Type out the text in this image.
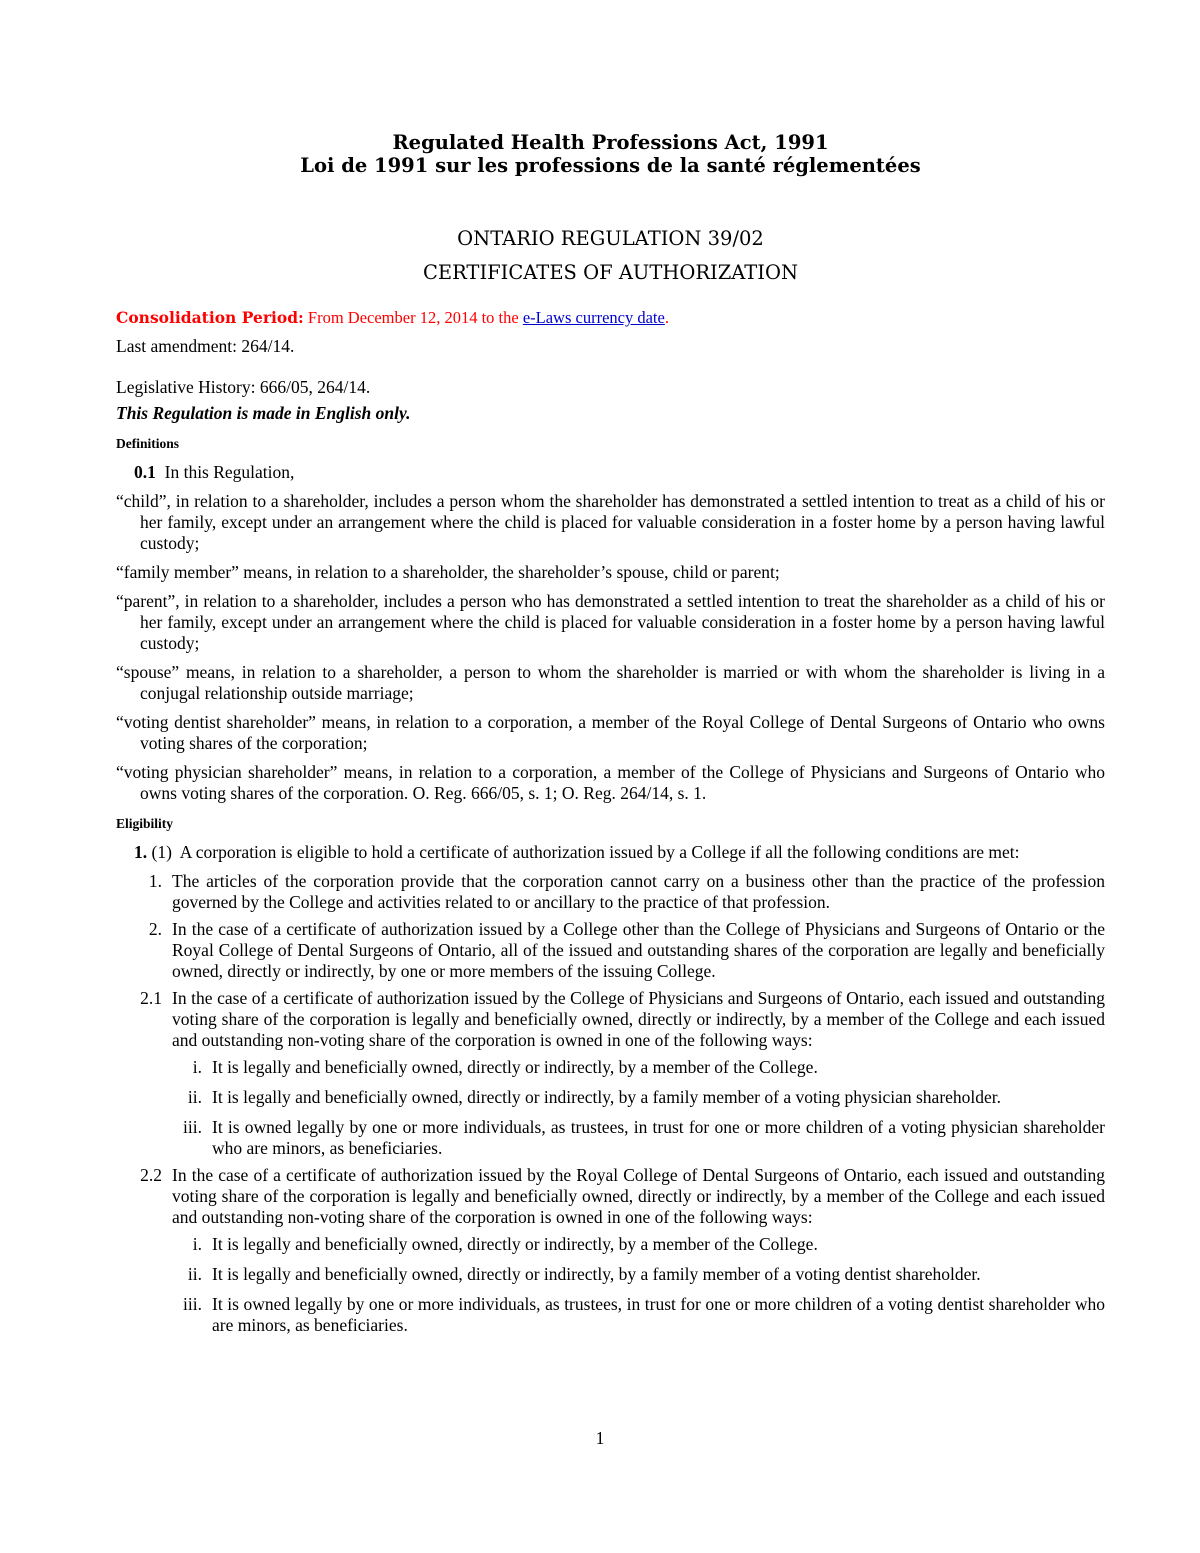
Regulated Health Professions Act, 1991
Loi de 1991 sur les professions de la santé réglementées
ONTARIO REGULATION 39/02
CERTIFICATES OF AUTHORIZATION

Consolidation Period: From December 12, 2014 to the e-Laws currency date.

Last amendment: 264/14.

Legislative History: 666/05, 264/14.

This Regulation is made in English only.

Definitions

0.1 In this Regulation,

“child”, in relation to a shareholder, includes a person whom the shareholder has demonstrated a settled intention to treat as a child of his or her family, except under an arrangement where the child is placed for valuable consideration in a foster home by a person having lawful custody;

“family member” means, in relation to a shareholder, the shareholder’s spouse, child or parent;

“parent”, in relation to a shareholder, includes a person who has demonstrated a settled intention to treat the shareholder as a child of his or her family, except under an arrangement where the child is placed for valuable consideration in a foster home by a person having lawful custody;

“spouse” means, in relation to a shareholder, a person to whom the shareholder is married or with whom the shareholder is living in a conjugal relationship outside marriage;

“voting dentist shareholder” means, in relation to a corporation, a member of the Royal College of Dental Surgeons of Ontario who owns voting shares of the corporation;

“voting physician shareholder” means, in relation to a corporation, a member of the College of Physicians and Surgeons of Ontario who owns voting shares of the corporation. O. Reg. 666/05, s. 1; O. Reg. 264/14, s. 1.

Eligibility

1. (1) A corporation is eligible to hold a certificate of authorization issued by a College if all the following conditions are met:

1. The articles of the corporation provide that the corporation cannot carry on a business other than the practice of the profession governed by the College and activities related to or ancillary to the practice of that profession.

2. In the case of a certificate of authorization issued by a College other than the College of Physicians and Surgeons of Ontario or the Royal College of Dental Surgeons of Ontario, all of the issued and outstanding shares of the corporation are legally and beneficially owned, directly or indirectly, by one or more members of the issuing College.

2.1 In the case of a certificate of authorization issued by the College of Physicians and Surgeons of Ontario, each issued and outstanding voting share of the corporation is legally and beneficially owned, directly or indirectly, by a member of the College and each issued and outstanding non-voting share of the corporation is owned in one of the following ways:

i. It is legally and beneficially owned, directly or indirectly, by a member of the College.

ii. It is legally and beneficially owned, directly or indirectly, by a family member of a voting physician shareholder.

iii. It is owned legally by one or more individuals, as trustees, in trust for one or more children of a voting physician shareholder who are minors, as beneficiaries.

2.2 In the case of a certificate of authorization issued by the Royal College of Dental Surgeons of Ontario, each issued and outstanding voting share of the corporation is legally and beneficially owned, directly or indirectly, by a member of the College and each issued and outstanding non-voting share of the corporation is owned in one of the following ways:

i. It is legally and beneficially owned, directly or indirectly, by a member of the College.

ii. It is legally and beneficially owned, directly or indirectly, by a family member of a voting dentist shareholder.

iii. It is owned legally by one or more individuals, as trustees, in trust for one or more children of a voting dentist shareholder who are minors, as beneficiaries.

1
